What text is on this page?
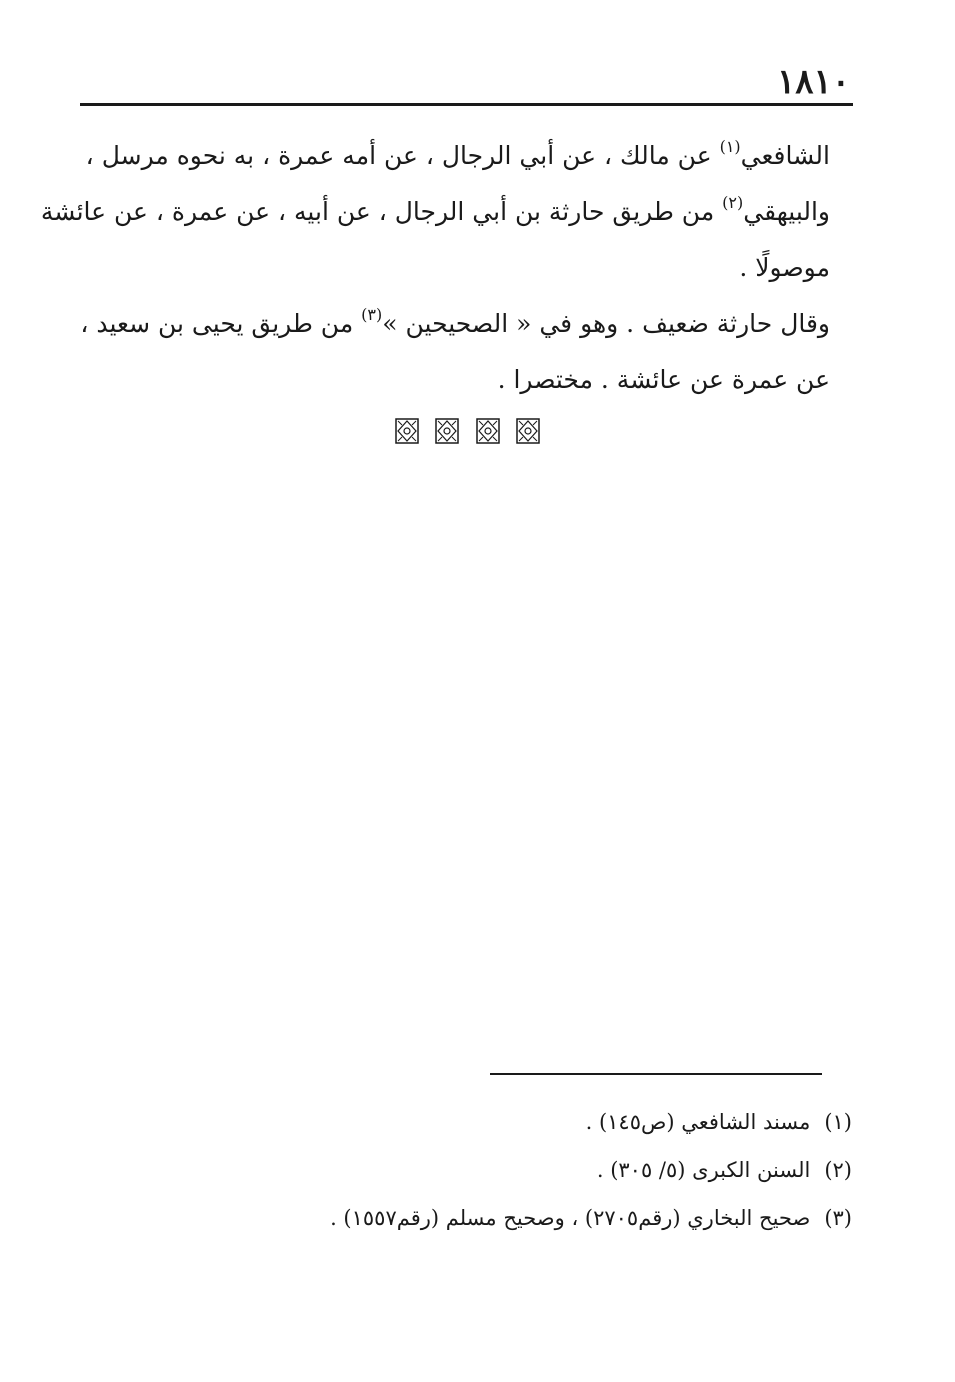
١٨١٠

الشافعي$^{(١)}$ عن مالك ، عن أبي الرجال ، عن أمه عمرة ، به نحوه مرسل ،
والبيهقي$^{(٢)}$ من طريق حارثة بن أبي الرجال ، عن أبيه ، عن عمرة ، عن عائشة
موصولًا .

وقال حارثة ضعيف . وهو في « الصحيحين »$^{(٣)}$ من طريق يحيى بن سعيد ،
عن عمرة عن عائشة . مختصرا .

(١)مسند الشافعي (ص١٤٥) .
(٢)السنن الكبرى (٥/ ٣٠٥) .
(٣)صحيح البخاري (رقم٢٧٠٥) ، وصحيح مسلم (رقم١٥٥٧) .
